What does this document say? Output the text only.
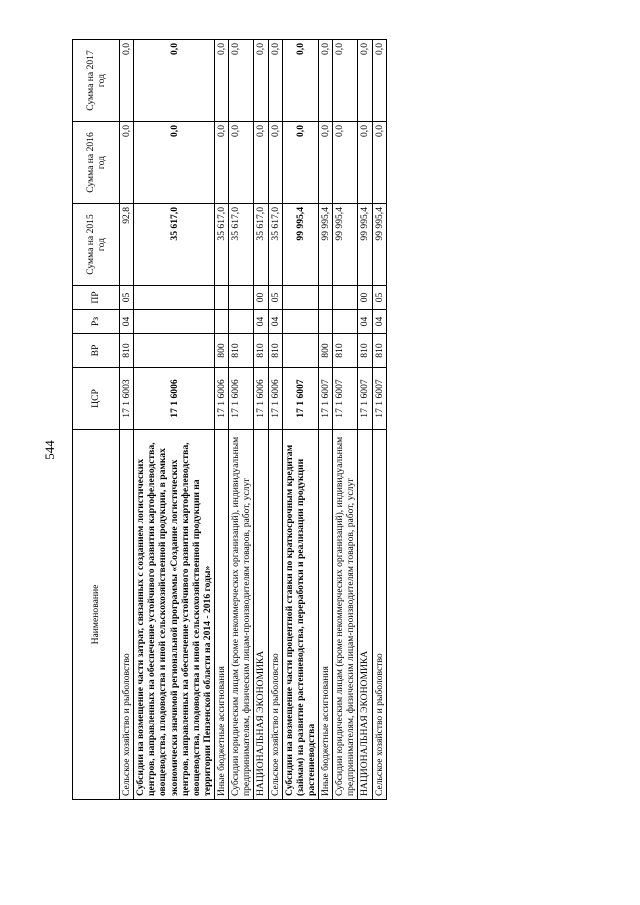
544
Наименование	ЦСР	ВР	Рз	ПР	Сумма на 2015 год	Сумма на 2016 год	Сумма на 2017 год
Сельское хозяйство и рыболовство	17 1 6003	810	04	05	92,8	0,0	0,0
Субсидии на возмещение части затрат, связанных с созданием логистических центров, направленных на обеспечение устойчивого развития картофелеводства, овощеводства, плодоводства и иной сельскохозяйственной продукции, в рамках экономически значимой региональной программы «Создание логистических центров, направленных на обеспечение устойчивого развития картофелеводства, овощеводства, плодоводства и иной сельскохозяйственной продукции на территории Пензенской области на 2014 - 2016 годы»	17 1 6006				35 617,0	0,0	0,0
Иные бюджетные ассигнования	17 1 6006	800			35 617,0	0,0	0,0
Субсидии юридическим лицам (кроме некоммерческих организаций), индивидуальным предпринимателям, физическим лицам-производителям товаров, работ, услуг	17 1 6006	810			35 617,0	0,0	0,0
НАЦИОНАЛЬНАЯ ЭКОНОМИКА	17 1 6006	810	04	00	35 617,0	0,0	0,0
Сельское хозяйство и рыболовство	17 1 6006	810	04	05	35 617,0	0,0	0,0
Субсидии на возмещение части процентной ставки по краткосрочным кредитам (займам) на развитие растениеводства, переработки и реализации продукции растениеводства	17 1 6007				99 995,4	0,0	0,0
Иные бюджетные ассигнования	17 1 6007	800			99 995,4	0,0	0,0
Субсидии юридическим лицам (кроме некоммерческих организаций), индивидуальным предпринимателям, физическим лицам-производителям товаров, работ, услуг	17 1 6007	810			99 995,4	0,0	0,0
НАЦИОНАЛЬНАЯ ЭКОНОМИКА	17 1 6007	810	04	00	99 995,4	0,0	0,0
Сельское хозяйство и рыболовство	17 1 6007	810	04	05	99 995,4	0,0	0,0
